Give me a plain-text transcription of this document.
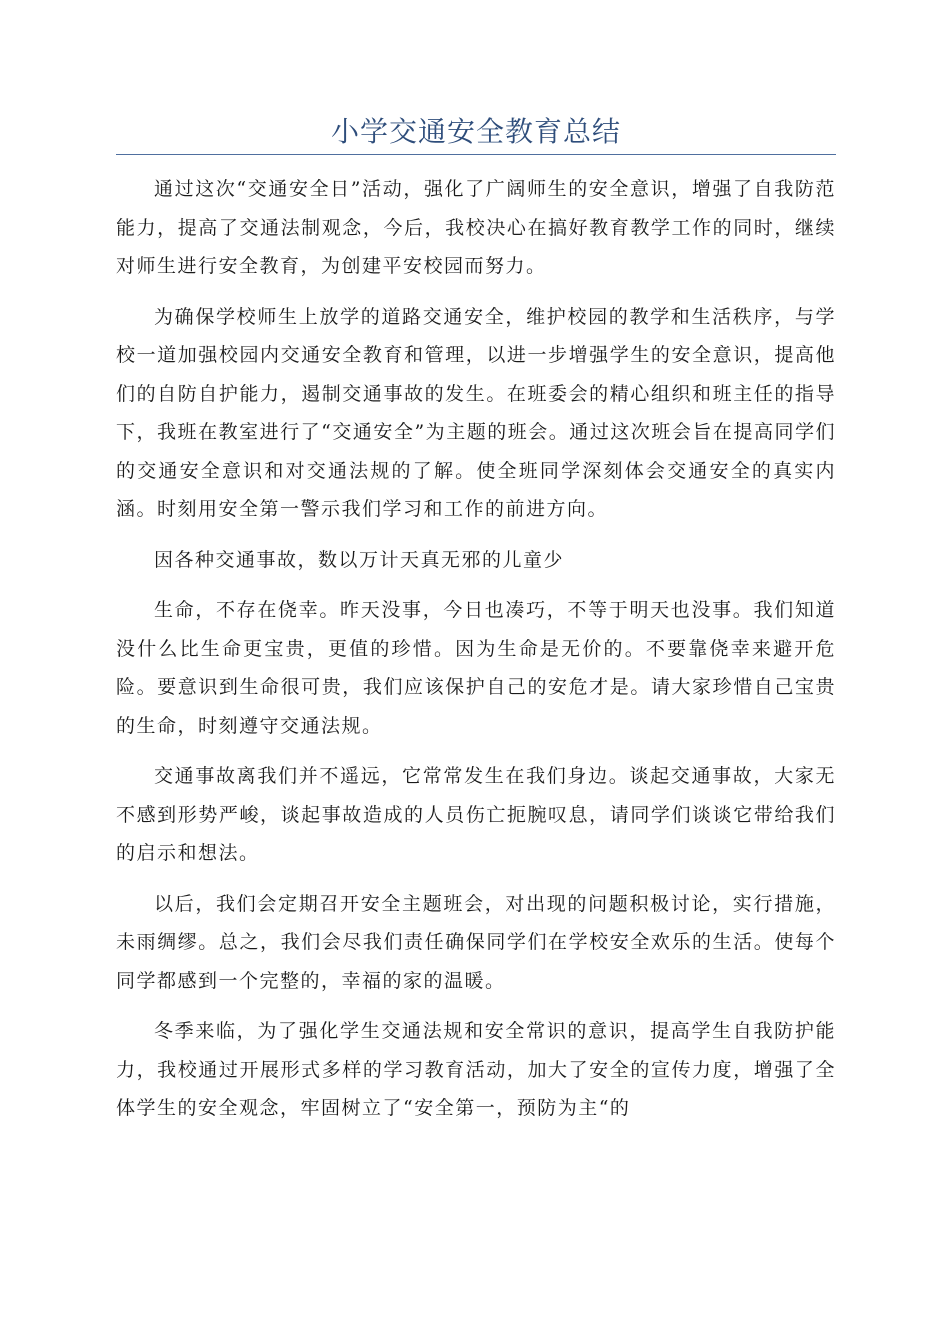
小学交通安全教育总结

通过这次“交通安全日”活动，强化了广阔师生的安全意识，增强了自我防范能力，提高了交通法制观念，今后，我校决心在搞好教育教学工作的同时，继续对师生进行安全教育，为创建平安校园而努力。

为确保学校师生上放学的道路交通安全，维护校园的教学和生活秩序，与学校一道加强校园内交通安全教育和管理，以进一步增强学生的安全意识，提高他们的自防自护能力，遏制交通事故的发生。在班委会的精心组织和班主任的指导下，我班在教室进行了“交通安全”为主题的班会。通过这次班会旨在提高同学们的交通安全意识和对交通法规的了解。使全班同学深刻体会交通安全的真实内涵。时刻用安全第一警示我们学习和工作的前进方向。

因各种交通事故，数以万计天真无邪的儿童少

生命，不存在侥幸。昨天没事，今日也凑巧，不等于明天也没事。我们知道没什么比生命更宝贵，更值的珍惜。因为生命是无价的。不要靠侥幸来避开危险。要意识到生命很可贵，我们应该保护自己的安危才是。请大家珍惜自己宝贵的生命，时刻遵守交通法规。

交通事故离我们并不遥远，它常常发生在我们身边。谈起交通事故，大家无不感到形势严峻，谈起事故造成的人员伤亡扼腕叹息，请同学们谈谈它带给我们的启示和想法。

以后，我们会定期召开安全主题班会，对出现的问题积极讨论，实行措施，未雨绸缪。总之，我们会尽我们责任确保同学们在学校安全欢乐的生活。使每个同学都感到一个完整的，幸福的家的温暖。

冬季来临，为了强化学生交通法规和安全常识的意识，提高学生自我防护能力，我校通过开展形式多样的学习教育活动，加大了安全的宣传力度，增强了全体学生的安全观念，牢固树立了“安全第一，预防为主“的
